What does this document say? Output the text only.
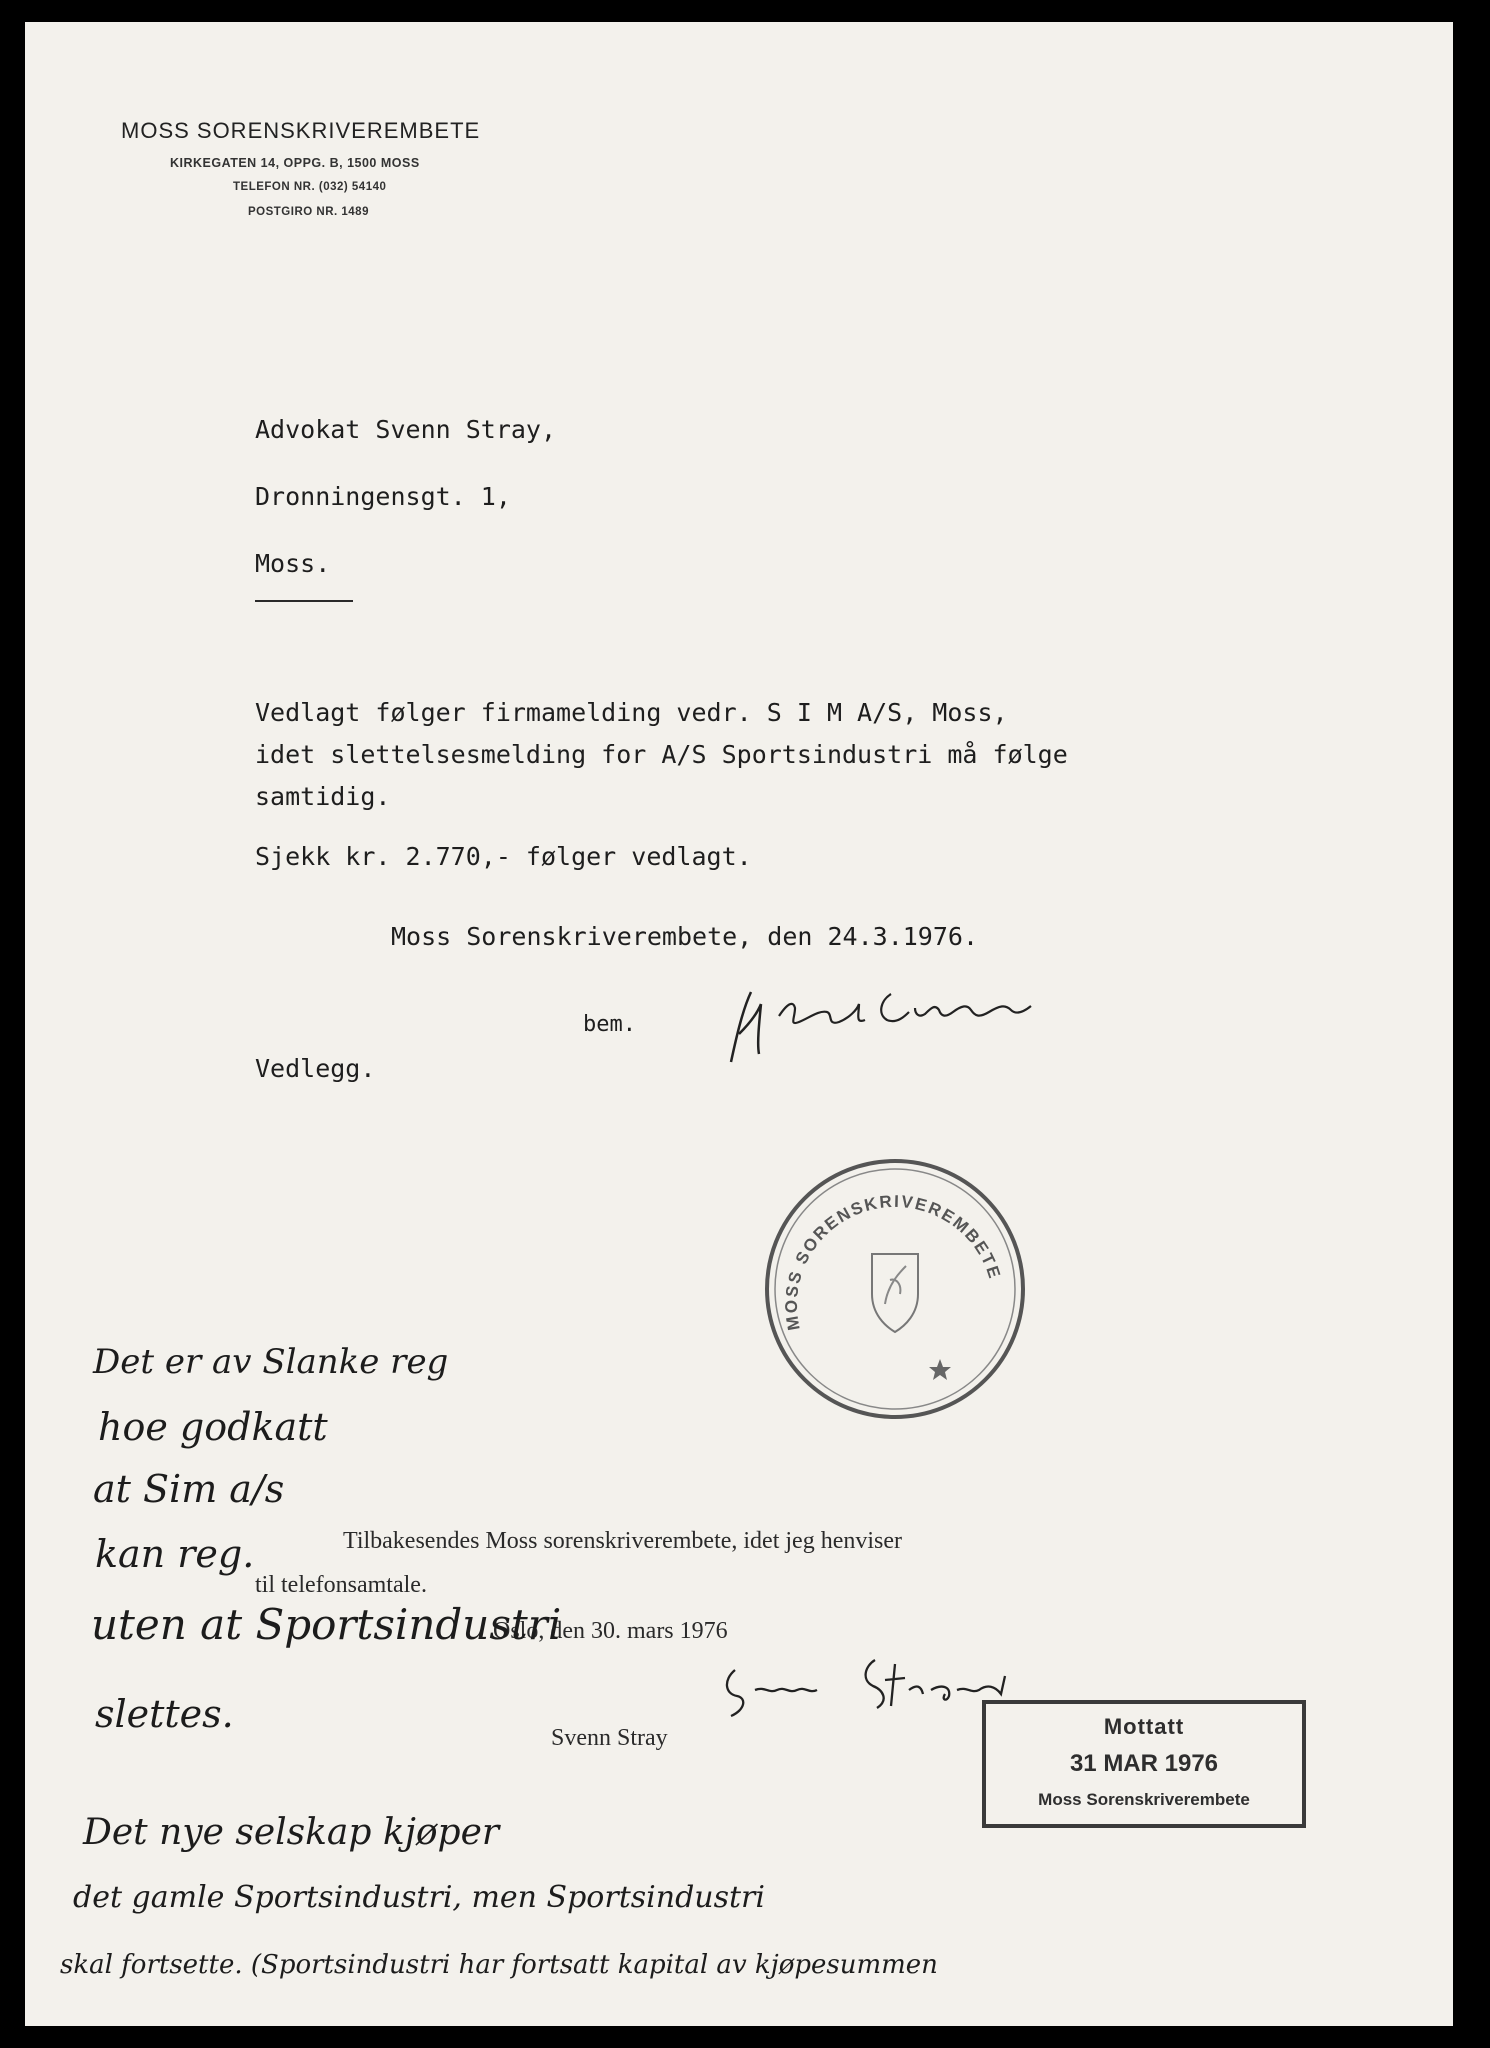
MOSS SORENSKRIVEREMBETE
KIRKEGATEN 14, OPPG. B, 1500 MOSS
TELEFON NR. (032) 54140
POSTGIRO NR. 1489
Advokat Svenn Stray,
Dronningensgt. 1,
Moss.
Vedlagt følger firmamelding vedr. S I M A/S, Moss,
idet slettelsesmelding for A/S Sportsindustri må følge
samtidig.
Sjekk kr. 2.770,- følger vedlagt.
Moss Sorenskriverembete, den 24.3.1976.
bem.
Vedlegg.
MOSS SORENSKRIVEREMBETE
Tilbakesendes Moss sorenskriverembete, idet jeg henviser
til telefonsamtale.
Oslo, den 30. mars 1976
Svenn Stray	Mottatt
31 MAR 1976
Moss Sorenskriverembete
Det er av Slanke reg
hoe godkatt
at Sim a/s
kan reg.
uten at Sportsindustri
slettes.
Det nye selskap kjøper
det gamle Sportsindustri, men Sportsindustri
skal fortsette. (Sportsindustri har fortsatt kapital av kjøpesummen
